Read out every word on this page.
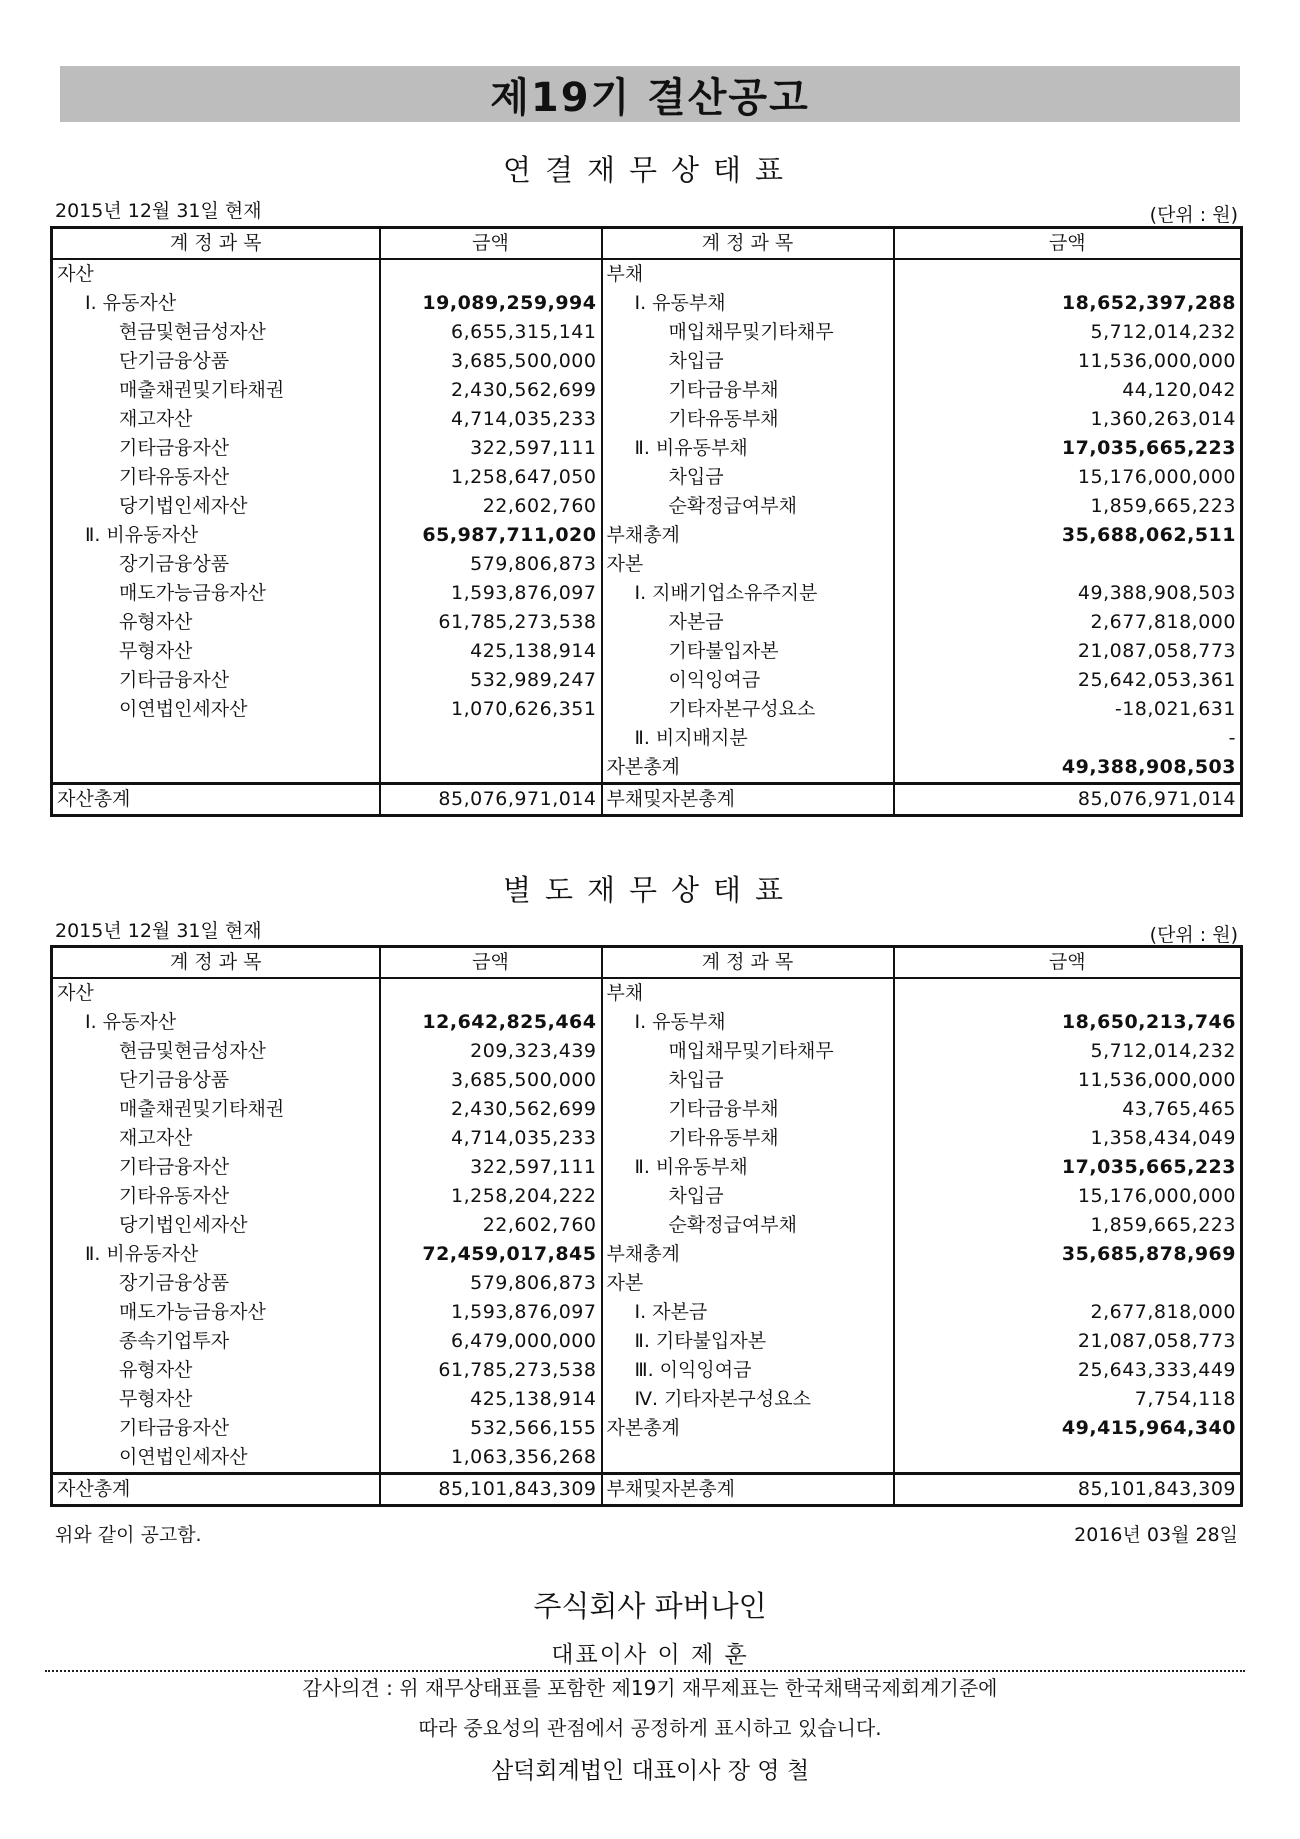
제19기 결산공고
연결재무상태표
2015년 12월 31일 현재	(단위 : 원)
계 정 과 목	금액	계 정 과 목	금액
자산		부채	
Ⅰ. 유동자산	19,089,259,994	Ⅰ. 유동부채	18,652,397,288
현금및현금성자산	6,655,315,141	매입채무및기타채무	5,712,014,232
단기금융상품	3,685,500,000	차입금	11,536,000,000
매출채권및기타채권	2,430,562,699	기타금융부채	44,120,042
재고자산	4,714,035,233	기타유동부채	1,360,263,014
기타금융자산	322,597,111	Ⅱ. 비유동부채	17,035,665,223
기타유동자산	1,258,647,050	차입금	15,176,000,000
당기법인세자산	22,602,760	순확정급여부채	1,859,665,223
Ⅱ. 비유동자산	65,987,711,020	부채총계	35,688,062,511
장기금융상품	579,806,873	자본	
매도가능금융자산	1,593,876,097	Ⅰ. 지배기업소유주지분	49,388,908,503
유형자산	61,785,273,538	자본금	2,677,818,000
무형자산	425,138,914	기타불입자본	21,087,058,773
기타금융자산	532,989,247	이익잉여금	25,642,053,361
이연법인세자산	1,070,626,351	기타자본구성요소	-18,021,631
		Ⅱ. 비지배지분	-
		자본총계	49,388,908,503
자산총계	85,076,971,014	부채및자본총계	85,076,971,014
별도재무상태표
2015년 12월 31일 현재	(단위 : 원)
계 정 과 목	금액	계 정 과 목	금액
자산		부채	
Ⅰ. 유동자산	12,642,825,464	Ⅰ. 유동부채	18,650,213,746
현금및현금성자산	209,323,439	매입채무및기타채무	5,712,014,232
단기금융상품	3,685,500,000	차입금	11,536,000,000
매출채권및기타채권	2,430,562,699	기타금융부채	43,765,465
재고자산	4,714,035,233	기타유동부채	1,358,434,049
기타금융자산	322,597,111	Ⅱ. 비유동부채	17,035,665,223
기타유동자산	1,258,204,222	차입금	15,176,000,000
당기법인세자산	22,602,760	순확정급여부채	1,859,665,223
Ⅱ. 비유동자산	72,459,017,845	부채총계	35,685,878,969
장기금융상품	579,806,873	자본	
매도가능금융자산	1,593,876,097	Ⅰ. 자본금	2,677,818,000
종속기업투자	6,479,000,000	Ⅱ. 기타불입자본	21,087,058,773
유형자산	61,785,273,538	Ⅲ. 이익잉여금	25,643,333,449
무형자산	425,138,914	Ⅳ. 기타자본구성요소	7,754,118
기타금융자산	532,566,155	자본총계	49,415,964,340
이연법인세자산	1,063,356,268		
자산총계	85,101,843,309	부채및자본총계	85,101,843,309
위와 같이 공고함.	2016년 03월 28일
주식회사 파버나인
대표이사 이 제 훈
감사의견 : 위 재무상태표를 포함한 제19기 재무제표는 한국채택국제회계기준에
따라 중요성의 관점에서 공정하게 표시하고 있습니다.
삼덕회계법인 대표이사 장 영 철
